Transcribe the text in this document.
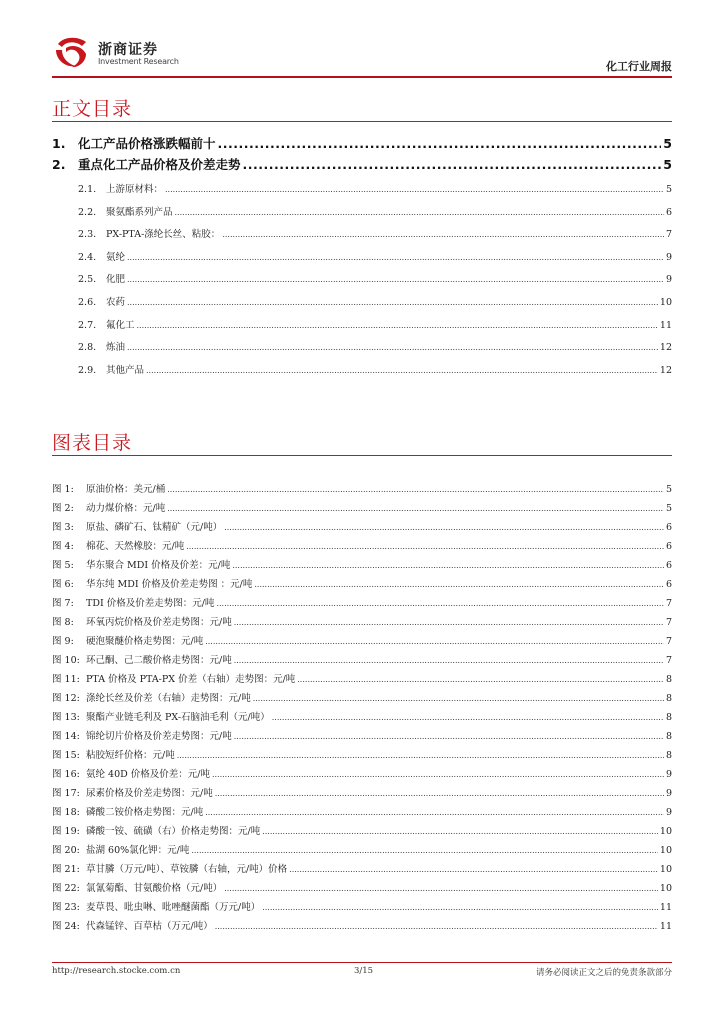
浙商证券
Investment Research	化工行业周报
正文目录
1.	化工产品价格涨跌幅前十 .....	5
2.	重点化工产品价格及价差走势 .....	5
2.1.	上游原材料： .....	5
2.2.	聚氨酯系列产品 .....	6
2.3.	PX-PTA-涤纶长丝、粘胶： .....	7
2.4.	氨纶 .....	9
2.5.	化肥 .....	9
2.6.	农药 .....	10
2.7.	氟化工 .....	11
2.8.	炼油 .....	12
2.9.	其他产品 .....	12
图表目录
图 1:	原油价格：美元/桶 .....	5
图 2:	动力煤价格：元/吨 .....	5
图 3:	原盐、磷矿石、钛精矿（元/吨） .....	6
图 4:	棉花、天然橡胶：元/吨 .....	6
图 5:	华东聚合 MDI 价格及价差：元/吨 .....	6
图 6:	华东纯 MDI 价格及价差走势图 ：元/吨 .....	6
图 7:	TDI 价格及价差走势图：元/吨 .....	7
图 8:	环氧丙烷价格及价差走势图：元/吨 .....	7
图 9:	硬泡聚醚价格走势图：元/吨 .....	7
图 10: 环己酮、己二酸价格走势图：元/吨 .....	7
图 11: PTA 价格及 PTA-PX 价差（右轴）走势图：元/吨 .....	8
图 12: 涤纶长丝及价差（右轴）走势图：元/吨 .....	8
图 13: 聚酯产业链毛利及 PX-石脑油毛利（元/吨） .....	8
图 14: 锦纶切片价格及价差走势图：元/吨 .....	8
图 15: 粘胶短纤价格：元/吨 .....	8
图 16: 氨纶 40D 价格及价差：元/吨 .....	9
图 17: 尿素价格及价差走势图：元/吨 .....	9
图 18: 磷酸二铵价格走势图：元/吨 .....	9
图 19: 磷酸一铵、硫磺（右）价格走势图：元/吨 .....	10
图 20: 盐湖 60%氯化钾：元/吨 .....	10
图 21: 草甘膦（万元/吨）、草铵膦（右轴，元/吨）价格 .....	10
图 22: 氯氰菊酯、甘氨酸价格（元/吨） .....	10
图 23: 麦草畏、吡虫啉、吡唑醚菌酯（万元/吨） .....	11
图 24: 代森锰锌、百草枯（万元/吨） .....	11
http://research.stocke.com.cn	3/15	请务必阅读正文之后的免责条款部分
